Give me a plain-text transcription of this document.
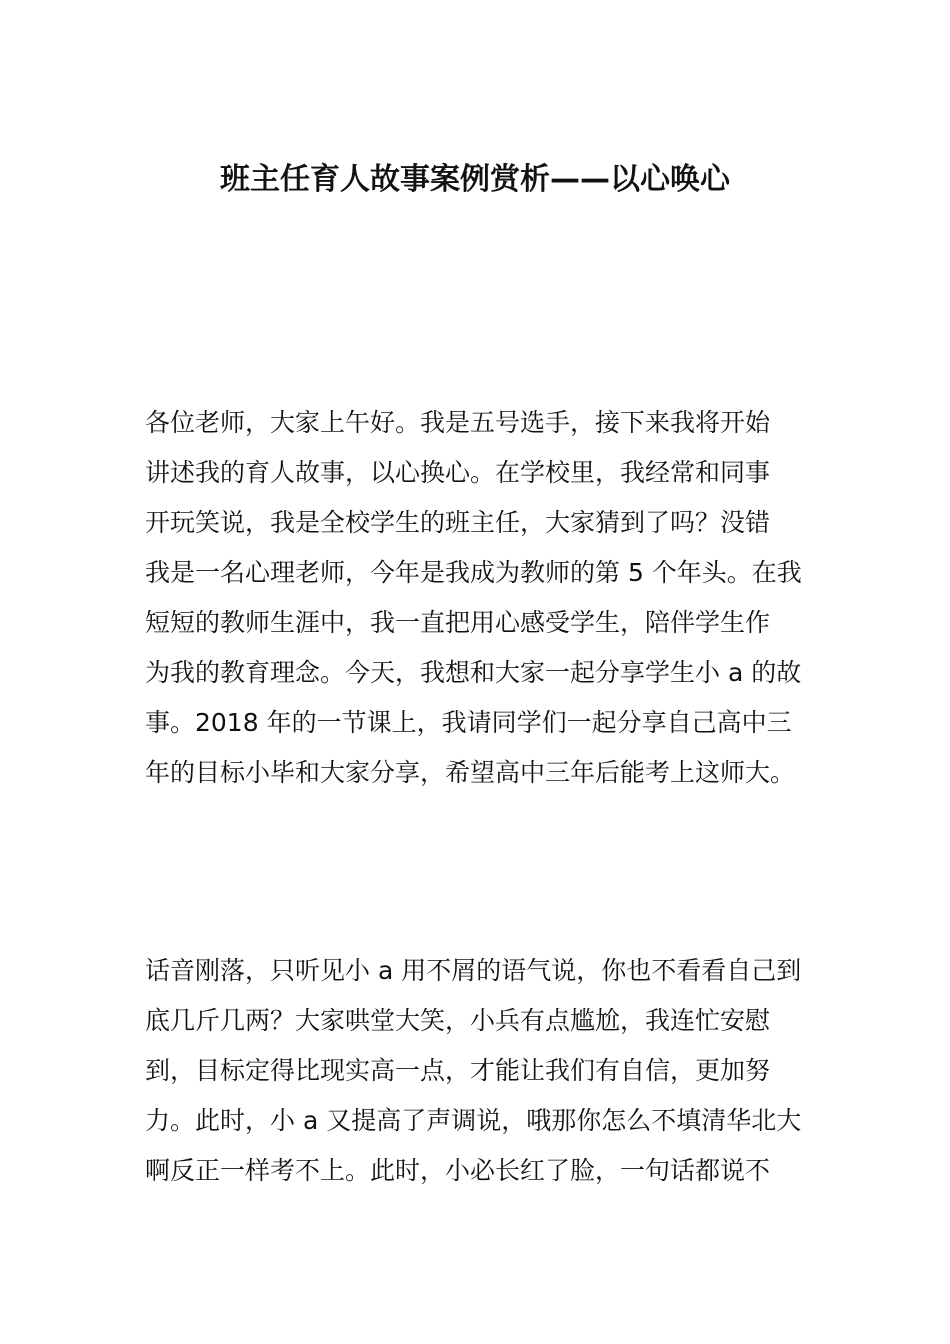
班主任育人故事案例赏析——以心唤心
各位老师，大家上午好。我是五号选手，接下来我将开始
讲述我的育人故事，以心换心。在学校里，我经常和同事
开玩笑说，我是全校学生的班主任，大家猜到了吗？没错
我是一名心理老师，今年是我成为教师的第 5 个年头。在我
短短的教师生涯中，我一直把用心感受学生，陪伴学生作
为我的教育理念。今天，我想和大家一起分享学生小 a 的故
事。2018 年的一节课上，我请同学们一起分享自己高中三
年的目标小毕和大家分享，希望高中三年后能考上这师大。
话音刚落，只听见小 a 用不屑的语气说，你也不看看自己到
底几斤几两？大家哄堂大笑，小兵有点尴尬，我连忙安慰
到，目标定得比现实高一点，才能让我们有自信，更加努
力。此时，小 a 又提高了声调说，哦那你怎么不填清华北大
啊反正一样考不上。此时，小必长红了脸，一句话都说不
